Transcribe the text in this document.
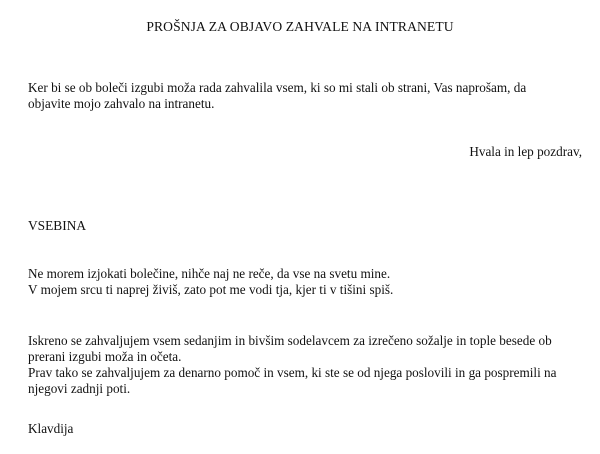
PROŠNJA ZA OBJAVO ZAHVALE NA INTRANETU

Ker bi se ob boleči izgubi moža rada zahvalila vsem, ki so mi stali ob strani, Vas naprošam, da
objavite mojo zahvalo na intranetu.

Hvala in lep pozdrav,
VSEBINA

Ne morem izjokati bolečine, nihče naj ne reče, da vse na svetu mine.
V mojem srcu ti naprej živiš, zato pot me vodi tja, kjer ti v tišini spiš.

Iskreno se zahvaljujem vsem sedanjim in bivšim sodelavcem za izrečeno sožalje in tople besede ob
prerani izgubi moža in očeta.
Prav tako se zahvaljujem za denarno pomoč in vsem, ki ste se od njega poslovili in ga pospremili na
njegovi zadnji poti.

Klavdija
